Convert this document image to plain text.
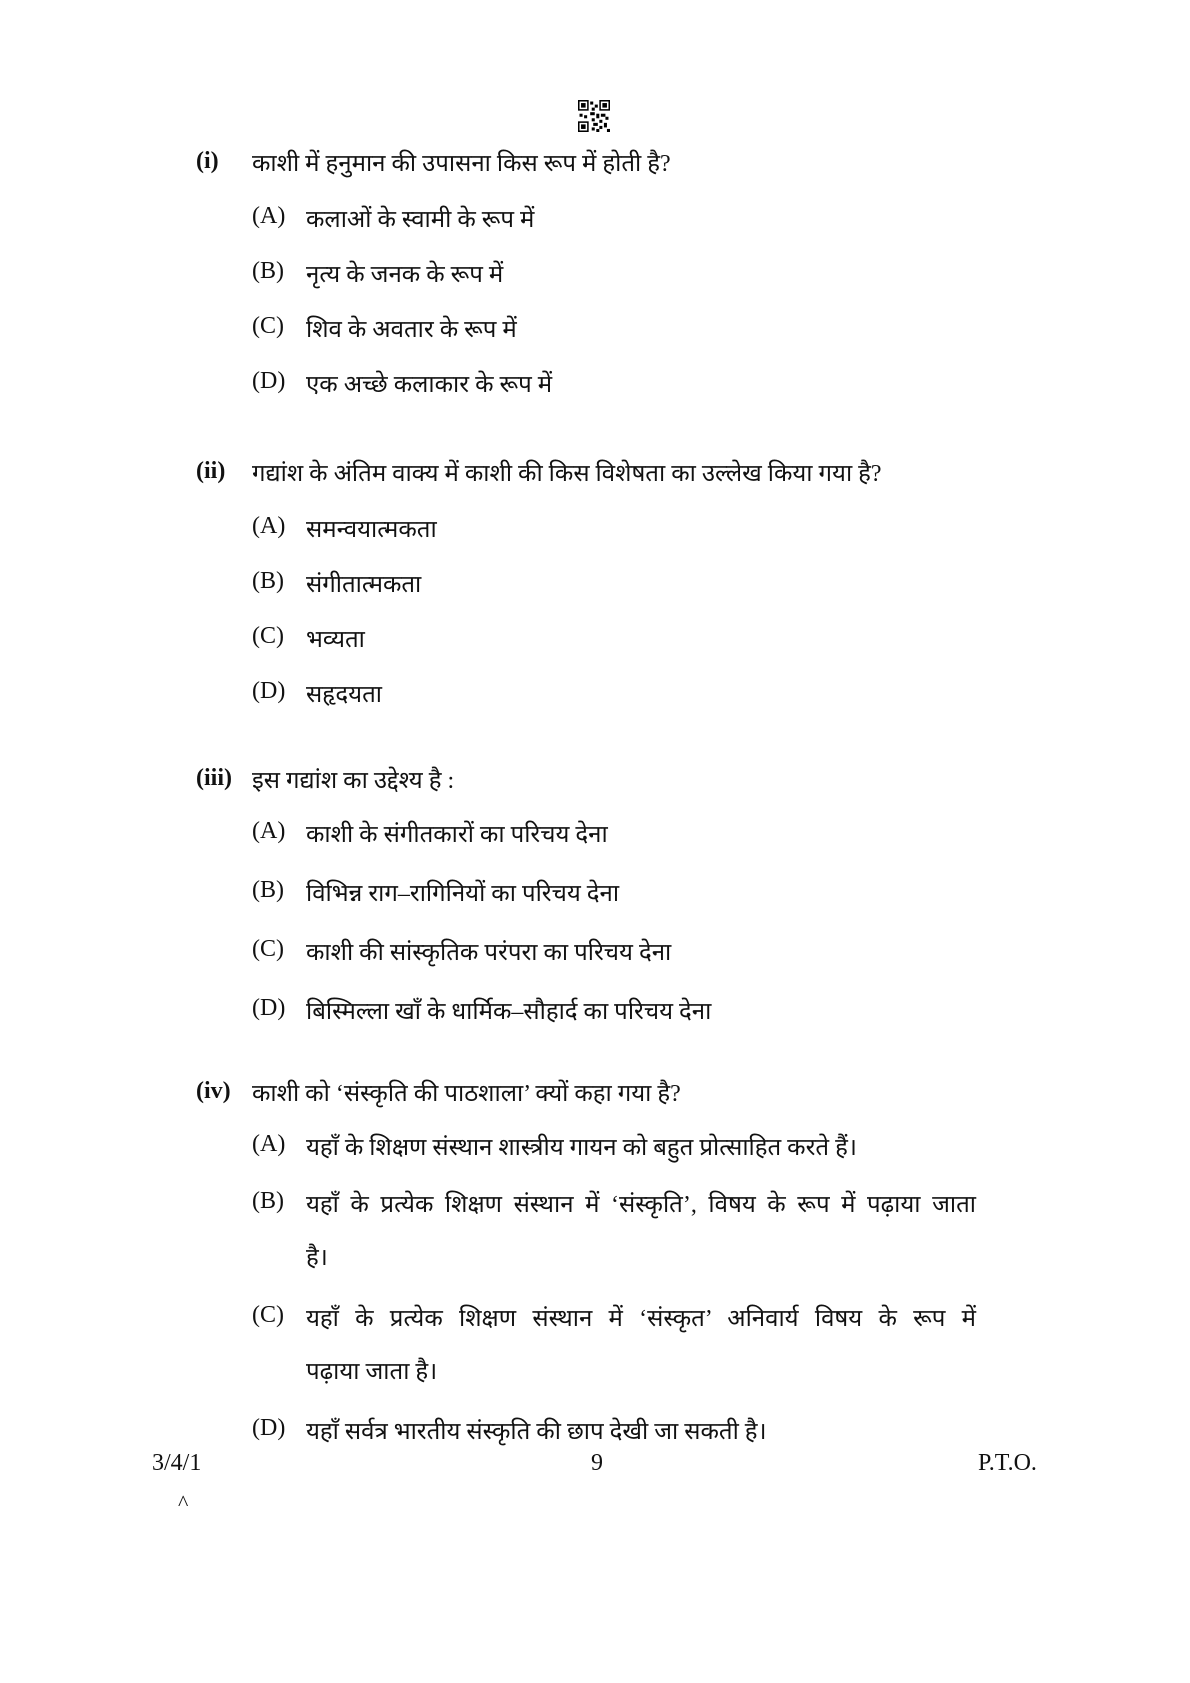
(i) काशी में हनुमान की उपासना किस रूप में होती है?
(A) कलाओं के स्वामी के रूप में
(B) नृत्य के जनक के रूप में
(C) शिव के अवतार के रूप में
(D) एक अच्छे कलाकार के रूप में
(ii) गद्यांश के अंतिम वाक्य में काशी की किस विशेषता का उल्लेख किया गया है?
(A) समन्वयात्मकता
(B) संगीतात्मकता
(C) भव्यता
(D) सहृदयता
(iii) इस गद्यांश का उद्देश्य है :
(A) काशी के संगीतकारों का परिचय देना
(B) विभिन्न राग–रागिनियों का परिचय देना
(C) काशी की सांस्कृतिक परंपरा का परिचय देना
(D) बिस्मिल्ला खाँ के धार्मिक–सौहार्द का परिचय देना
(iv) काशी को ‘संस्कृति की पाठशाला’ क्यों कहा गया है?
(A) यहाँ के शिक्षण संस्थान शास्त्रीय गायन को बहुत प्रोत्साहित करते हैं।
(B) यहाँ के प्रत्येक शिक्षण संस्थान में ‘संस्कृति’, विषय के रूप में पढ़ाया जाता
है।
(C) यहाँ के प्रत्येक शिक्षण संस्थान में ‘संस्कृत’ अनिवार्य विषय के रूप में
पढ़ाया जाता है।
(D) यहाँ सर्वत्र भारतीय संस्कृति की छाप देखी जा सकती है।
3/4/1	9	P.T.O.
^
